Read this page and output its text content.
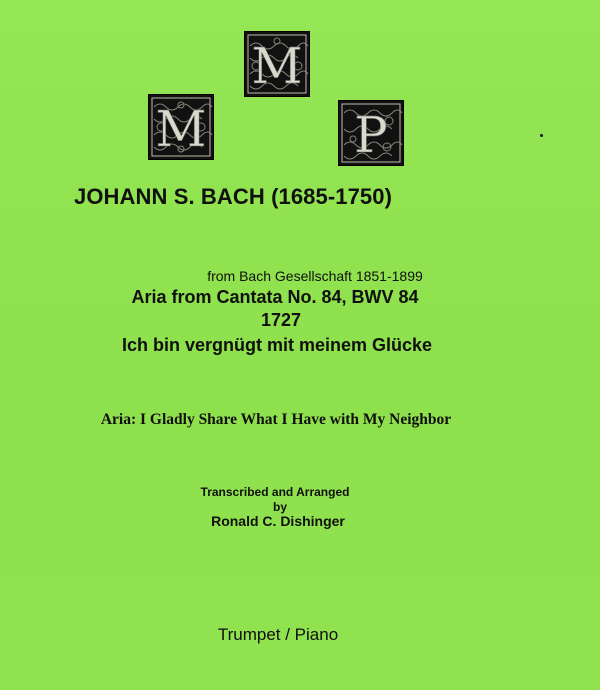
M
M
P
JOHANN S. BACH (1685-1750)
from Bach Gesellschaft 1851-1899
Aria from Cantata No. 84, BWV 84
1727
Ich bin vergnügt mit meinem Glücke
Aria: I Gladly Share What I Have with My Neighbor
Transcribed and Arranged
by
Ronald C. Dishinger
Trumpet / Piano
